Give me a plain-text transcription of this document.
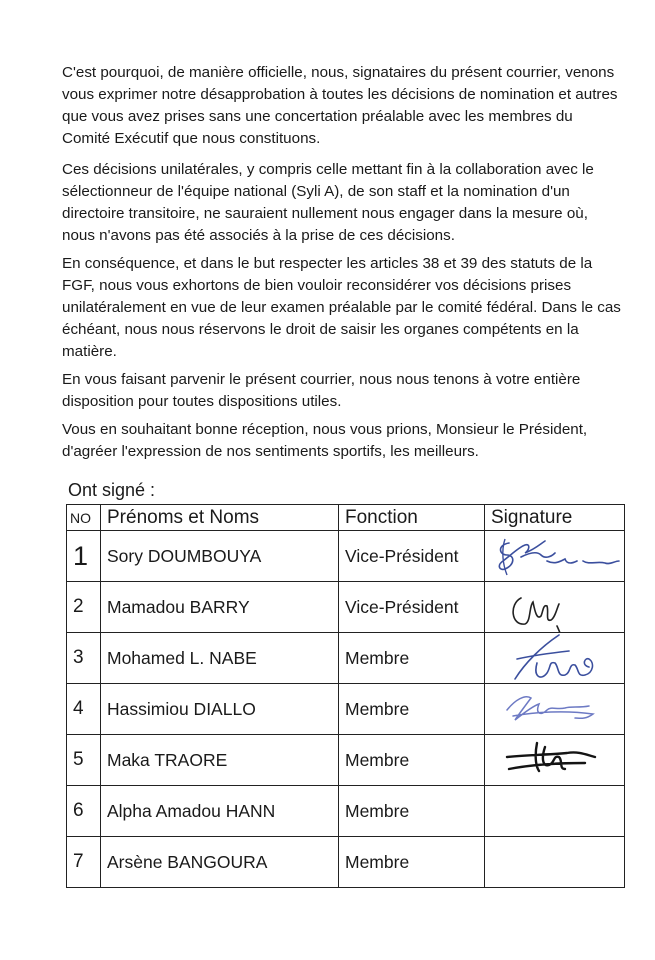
C'est pourquoi, de manière officielle, nous, signataires du présent courrier, venons vous exprimer notre désapprobation à toutes les décisions de nomination et autres que vous avez prises sans une concertation préalable avec les membres du Comité Exécutif que nous constituons.

Ces décisions unilatérales, y compris celle mettant fin à la collaboration avec le sélectionneur de l'équipe national (Syli A), de son staff et la nomination d'un directoire transitoire, ne sauraient nullement nous engager dans la mesure où, nous n'avons pas été associés à la prise de ces décisions.

En conséquence, et dans le but respecter les articles 38 et 39 des statuts de la FGF, nous vous exhortons de bien vouloir reconsidérer vos décisions prises unilatéralement en vue de leur examen préalable par le comité fédéral. Dans le cas échéant, nous nous réservons le droit de saisir les organes compétents en la matière.

En vous faisant parvenir le présent courrier, nous nous tenons à votre entière disposition pour toutes dispositions utiles.

Vous en souhaitant bonne réception, nous vous prions, Monsieur le Président, d'agréer l'expression de nos sentiments sportifs, les meilleurs.

Ont signé :

NO	Prénoms et Noms	Fonction	Signature
1	Sory DOUMBOUYA	Vice-Président	

2	Mamadou BARRY	Vice-Président	

3	Mohamed L. NABE	Membre	

4	Hassimiou DIALLO	Membre	

5	Maka TRAORE	Membre	

6	Alpha Amadou HANN	Membre	
7	Arsène BANGOURA	Membre	
